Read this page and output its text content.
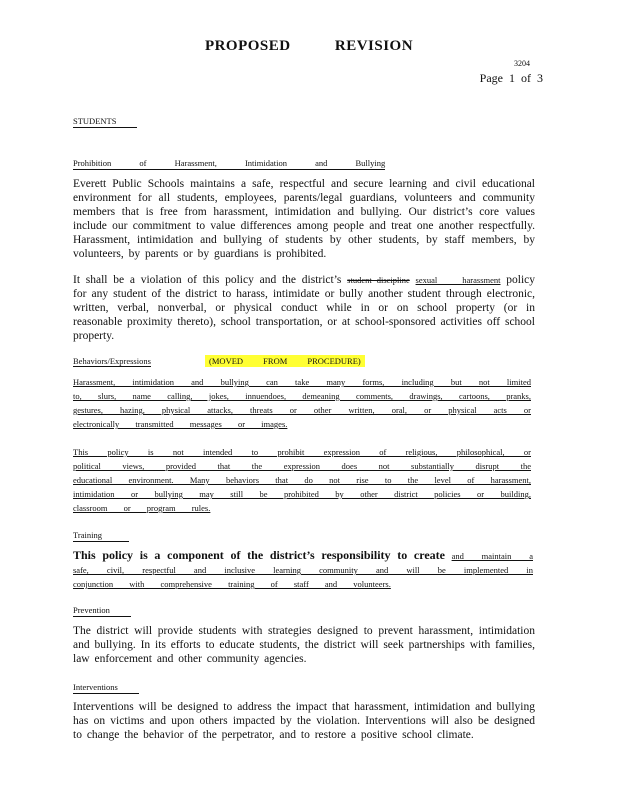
PROPOSED REVISION
3204
Page 1 of 3
STUDENTS
Prohibition of Harassment, Intimidation and Bullying
Everett Public Schools maintains a safe, respectful and secure learning and civil educational environment for all students, employees, parents/legal guardians, volunteers and community members that is free from harassment, intimidation and bullying. Our district’s core values include our commitment to value differences among people and treat one another respectfully. Harassment, intimidation and bullying of students by other students, by staff members, by volunteers, by parents or by guardians is prohibited.
It shall be a violation of this policy and the district’s student discipline sexual harassment policy for any student of the district to harass, intimidate or bully another student through electronic, written, verbal, nonverbal, or physical conduct while in or on school property (or in reasonable proximity thereto), school transportation, or at school-sponsored activities off school property.
Behaviors/Expressions	(MOVED FROM PROCEDURE)
Harassment, intimidation and bullying can take many forms, including but not limited to, slurs, name calling, jokes, innuendoes, demeaning comments, drawings, cartoons, pranks, gestures, hazing, physical attacks, threats or other written, oral, or physical acts or electronically transmitted messages or images.
This policy is not intended to prohibit expression of religious, philosophical, or political views, provided that the expression does not substantially disrupt the educational environment. Many behaviors that do not rise to the level of harassment, intimidation or bullying may still be prohibited by other district policies or building, classroom or program rules.
Training
This policy is a component of the district’s responsibility to create and maintain a safe, civil, respectful and inclusive learning community and will be implemented in conjunction with comprehensive training of staff and volunteers.
Prevention
The district will provide students with strategies designed to prevent harassment, intimidation and bullying. In its efforts to educate students, the district will seek partnerships with families, law enforcement and other community agencies.
Interventions
Interventions will be designed to address the impact that harassment, intimidation and bullying has on victims and upon others impacted by the violation. Interventions will also be designed to change the behavior of the perpetrator, and to restore a positive school climate.
